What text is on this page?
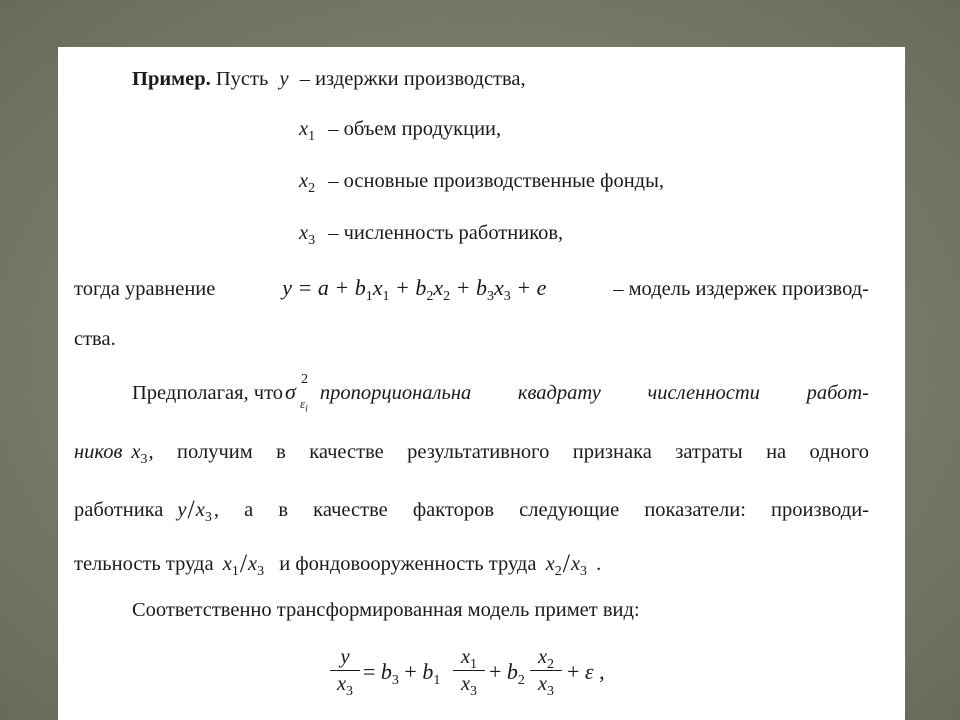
Пример. Пусть y – издержки производства,
$x_1$ – объем продукции,
$x_2$ – основные производственные фонды,
$x_3$ – численность работников,
тогда уравнение	$y = a + b_1x_1 + b_2x_2 + b_3x_3 + e$	– модель издержек производ-
ства.
Предполагая, что σ 2
$\varepsilon_i$
пропорциональна квадрату численности работ-
ников $x_3$ , получим в качестве результативного признака затраты на одного
работника $y/x_3$ , а в качестве факторов следующие показатели: производи-
тельность труда $x_1/x_3$ и фондовооруженность труда $x_2/x_3$ .
Соответственно трансформированная модель примет вид:
y
$x_3$
= $b_3 + b_1$
$x_1$
$x_3$
+ $b_2$
$x_2$
$x_3$
+ ε ,
